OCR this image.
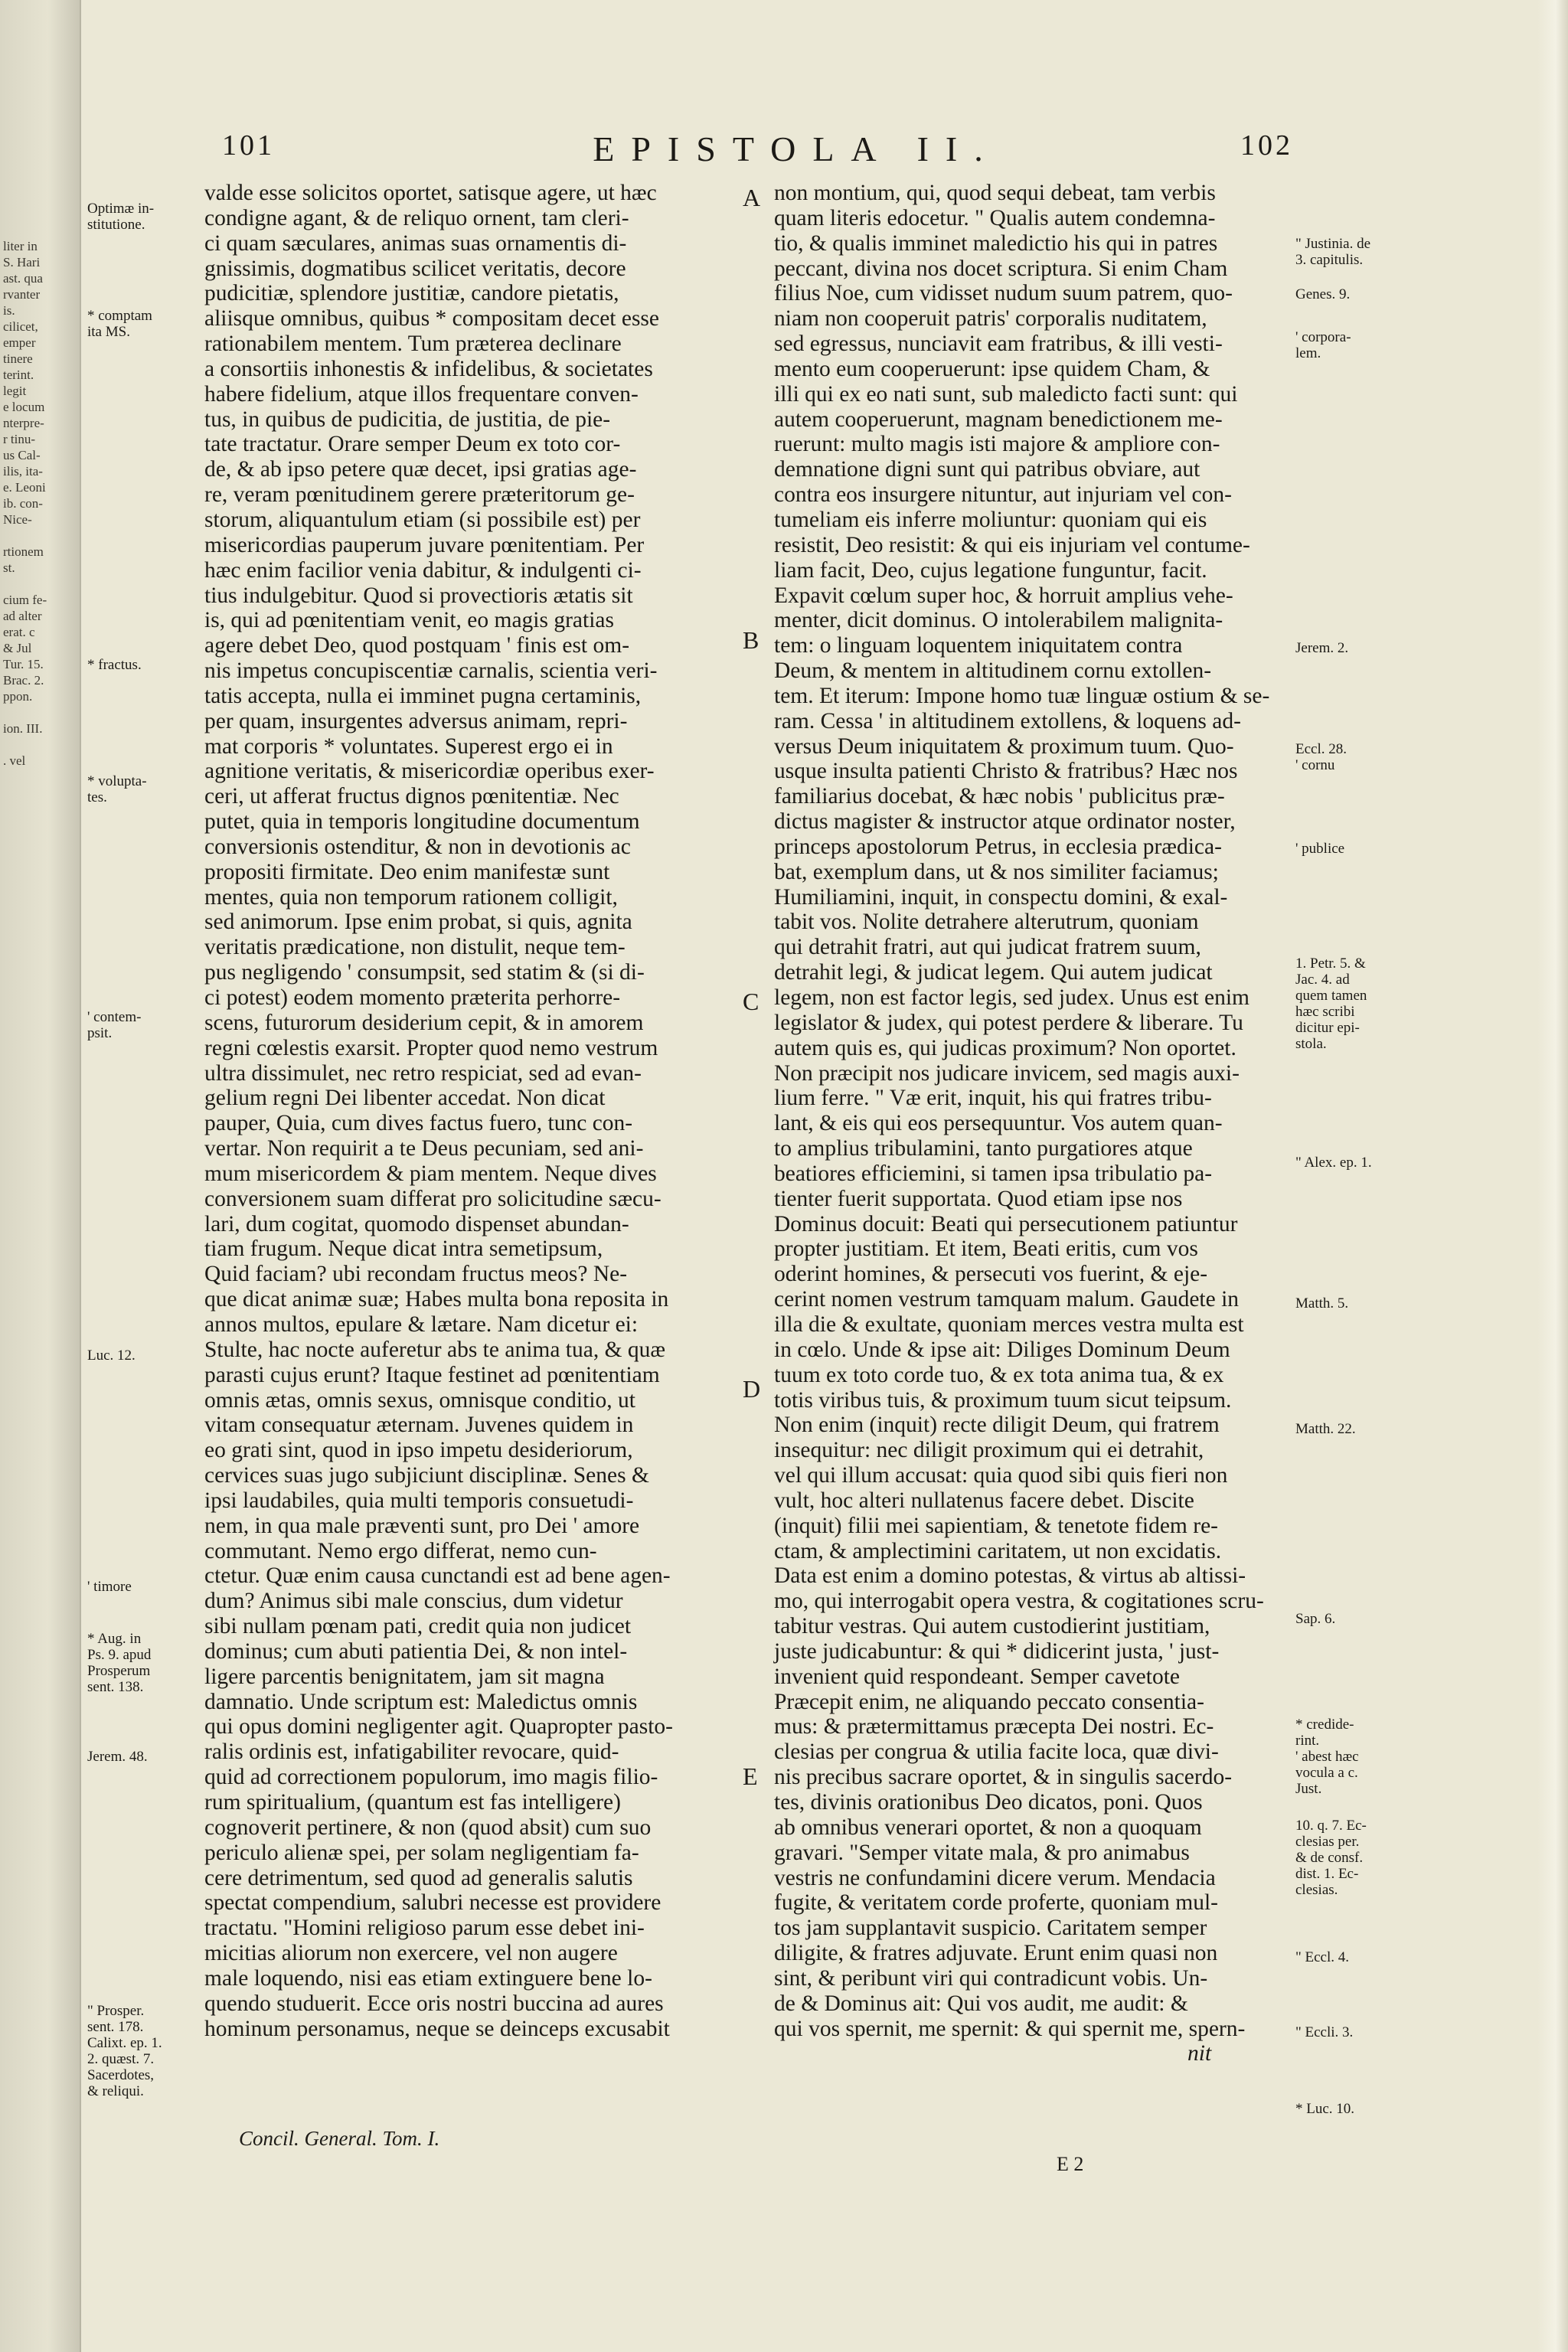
liter in
S. Hari
ast. qua
rvanter
is.
cilicet,
emper
tinere
terint.
legit
e locum
nterpre-
r tinu-
us Cal-
ilis, ita-
e. Leoni
ib. con-
Nice-
rtionem
st.
cium fe-
ad alter
erat. c
& Jul
Tur. 15.
Brac. 2.
ppon.
ion. III.
. vel
101	EPISTOLA II.	102
valde esse solicitos oportet, satisque agere, ut hæc
condigne agant, & de reliquo ornent, tam cleri-
ci quam sæculares, animas suas ornamentis di-
gnissimis, dogmatibus scilicet veritatis, decore
pudicitiæ, splendore justitiæ, candore pietatis,
aliisque omnibus, quibus * compositam decet esse
rationabilem mentem. Tum præterea declinare
a consortiis inhonestis & infidelibus, & societates
habere fidelium, atque illos frequentare conven-
tus, in quibus de pudicitia, de justitia, de pie-
tate tractatur. Orare semper Deum ex toto cor-
de, & ab ipso petere quæ decet, ipsi gratias age-
re, veram pœnitudinem gerere præteritorum ge-
storum, aliquantulum etiam (si possibile est) per
misericordias pauperum juvare pœnitentiam. Per
hæc enim facilior venia dabitur, & indulgenti ci-
tius indulgebitur. Quod si provectioris ætatis sit
is, qui ad pœnitentiam venit, eo magis gratias
agere debet Deo, quod postquam ' finis est om-
nis impetus concupiscentiæ carnalis, scientia veri-
tatis accepta, nulla ei imminet pugna certaminis,
per quam, insurgentes adversus animam, repri-
mat corporis * voluntates. Superest ergo ei in
agnitione veritatis, & misericordiæ operibus exer-
ceri, ut afferat fructus dignos pœnitentiæ. Nec
putet, quia in temporis longitudine documentum
conversionis ostenditur, & non in devotionis ac
propositi firmitate. Deo enim manifestæ sunt
mentes, quia non temporum rationem colligit,
sed animorum. Ipse enim probat, si quis, agnita
veritatis prædicatione, non distulit, neque tem-
pus negligendo ' consumpsit, sed statim & (si di-
ci potest) eodem momento præterita perhorre-
scens, futurorum desiderium cepit, & in amorem
regni cœlestis exarsit. Propter quod nemo vestrum
ultra dissimulet, nec retro respiciat, sed ad evan-
gelium regni Dei libenter accedat. Non dicat
pauper, Quia, cum dives factus fuero, tunc con-
vertar. Non requirit a te Deus pecuniam, sed ani-
mum misericordem & piam mentem. Neque dives
conversionem suam differat pro solicitudine sæcu-
lari, dum cogitat, quomodo dispenset abundan-
tiam frugum. Neque dicat intra semetipsum,
Quid faciam? ubi recondam fructus meos? Ne-
que dicat animæ suæ; Habes multa bona reposita in
annos multos, epulare & lætare. Nam dicetur ei:
Stulte, hac nocte auferetur abs te anima tua, & quæ
parasti cujus erunt? Itaque festinet ad pœnitentiam
omnis ætas, omnis sexus, omnisque conditio, ut
vitam consequatur æternam. Juvenes quidem in
eo grati sint, quod in ipso impetu desideriorum,
cervices suas jugo subjiciunt disciplinæ. Senes &
ipsi laudabiles, quia multi temporis consuetudi-
nem, in qua male præventi sunt, pro Dei ' amore
commutant. Nemo ergo differat, nemo cun-
ctetur. Quæ enim causa cunctandi est ad bene agen-
dum? Animus sibi male conscius, dum videtur
sibi nullam pœnam pati, credit quia non judicet
dominus; cum abuti patientia Dei, & non intel-
ligere parcentis benignitatem, jam sit magna
damnatio. Unde scriptum est: Maledictus omnis
qui opus domini negligenter agit. Quapropter pasto-
ralis ordinis est, infatigabiliter revocare, quid-
quid ad correctionem populorum, imo magis filio-
rum spiritualium, (quantum est fas intelligere)
cognoverit pertinere, & non (quod absit) cum suo
periculo alienæ spei, per solam negligentiam fa-
cere detrimentum, sed quod ad generalis salutis
spectat compendium, salubri necesse est providere
tractatu. "Homini religioso parum esse debet ini-
micitias aliorum non exercere, vel non augere
male loquendo, nisi eas etiam extinguere bene lo-
quendo studuerit. Ecce oris nostri buccina ad aures
hominum personamus, neque se deinceps excusabit
non montium, qui, quod sequi debeat, tam verbis
quam literis edocetur. " Qualis autem condemna-
tio, & qualis imminet maledictio his qui in patres
peccant, divina nos docet scriptura. Si enim Cham
filius Noe, cum vidisset nudum suum patrem, quo-
niam non cooperuit patris' corporalis nuditatem,
sed egressus, nunciavit eam fratribus, & illi vesti-
mento eum cooperuerunt: ipse quidem Cham, &
illi qui ex eo nati sunt, sub maledicto facti sunt: qui
autem cooperuerunt, magnam benedictionem me-
ruerunt: multo magis isti majore & ampliore con-
demnatione digni sunt qui patribus obviare, aut
contra eos insurgere nituntur, aut injuriam vel con-
tumeliam eis inferre moliuntur: quoniam qui eis
resistit, Deo resistit: & qui eis injuriam vel contume-
liam facit, Deo, cujus legatione funguntur, facit.
Expavit cœlum super hoc, & horruit amplius vehe-
menter, dicit dominus. O intolerabilem malignita-
tem: o linguam loquentem iniquitatem contra
Deum, & mentem in altitudinem cornu extollen-
tem. Et iterum: Impone homo tuæ linguæ ostium & se-
ram. Cessa ' in altitudinem extollens, & loquens ad-
versus Deum iniquitatem & proximum tuum. Quo-
usque insulta patienti Christo & fratribus? Hæc nos
familiarius docebat, & hæc nobis ' publicitus præ-
dictus magister & instructor atque ordinator noster,
princeps apostolorum Petrus, in ecclesia prædica-
bat, exemplum dans, ut & nos similiter faciamus;
Humiliamini, inquit, in conspectu domini, & exal-
tabit vos. Nolite detrahere alterutrum, quoniam
qui detrahit fratri, aut qui judicat fratrem suum,
detrahit legi, & judicat legem. Qui autem judicat
legem, non est factor legis, sed judex. Unus est enim
legislator & judex, qui potest perdere & liberare. Tu
autem quis es, qui judicas proximum? Non oportet.
Non præcipit nos judicare invicem, sed magis auxi-
lium ferre. " Væ erit, inquit, his qui fratres tribu-
lant, & eis qui eos persequuntur. Vos autem quan-
to amplius tribulamini, tanto purgatiores atque
beatiores efficiemini, si tamen ipsa tribulatio pa-
tienter fuerit supportata. Quod etiam ipse nos
Dominus docuit: Beati qui persecutionem patiuntur
propter justitiam. Et item, Beati eritis, cum vos
oderint homines, & persecuti vos fuerint, & eje-
cerint nomen vestrum tamquam malum. Gaudete in
illa die & exultate, quoniam merces vestra multa est
in cœlo. Unde & ipse ait: Diliges Dominum Deum
tuum ex toto corde tuo, & ex tota anima tua, & ex
totis viribus tuis, & proximum tuum sicut teipsum.
Non enim (inquit) recte diligit Deum, qui fratrem
insequitur: nec diligit proximum qui ei detrahit,
vel qui illum accusat: quia quod sibi quis fieri non
vult, hoc alteri nullatenus facere debet. Discite
(inquit) filii mei sapientiam, & tenetote fidem re-
ctam, & amplectimini caritatem, ut non excidatis.
Data est enim a domino potestas, & virtus ab altissi-
mo, qui interrogabit opera vestra, & cogitationes scru-
tabitur vestras. Qui autem custodierint justitiam,
juste judicabuntur: & qui * didicerint justa, ' just-
invenient quid respondeant. Semper cavetote
Præcepit enim, ne aliquando peccato consentia-
mus: & prætermittamus præcepta Dei nostri. Ec-
clesias per congrua & utilia facite loca, quæ divi-
nis precibus sacrare oportet, & in singulis sacerdo-
tes, divinis orationibus Deo dicatos, poni. Quos
ab omnibus venerari oportet, & non a quoquam
gravari. "Semper vitate mala, & pro animabus
vestris ne confundamini dicere verum. Mendacia
fugite, & veritatem corde proferte, quoniam mul-
tos jam supplantavit suspicio. Caritatem semper
diligite, & fratres adjuvate. Erunt enim quasi non
sint, & peribunt viri qui contradicunt vobis. Un-
de & Dominus ait: Qui vos audit, me audit: &
qui vos spernit, me spernit: & qui spernit me, spern-
nit
A
B
C
D
E
Optimæ in-
stitutione.
* comptam
ita MS.
* fractus.
* volupta-
tes.
' contem-
psit.
Luc. 12.
' timore
* Aug. in
Ps. 9. apud
Prosperum
sent. 138.
Jerem. 48.
" Prosper.
sent. 178.
Calixt. ep. 1.
2. quæst. 7.
Sacerdotes,
& reliqui.
" Justinia. de
3. capitulis.
Genes. 9.
' corpora-
lem.
Jerem. 2.
Eccl. 28.
' cornu
' publice
1. Petr. 5. &
Jac. 4. ad
quem tamen
hæc scribi
dicitur epi-
stola.
" Alex. ep. 1.
Matth. 5.
Matth. 22.
Sap. 6.
* credide-
rint.
' abest hæc
vocula a c.
Just.
10. q. 7. Ec-
clesias per.
& de consf.
dist. 1. Ec-
clesias.
" Eccl. 4.
" Eccli. 3.
* Luc. 10.
Concil. General. Tom. I.
E 2
